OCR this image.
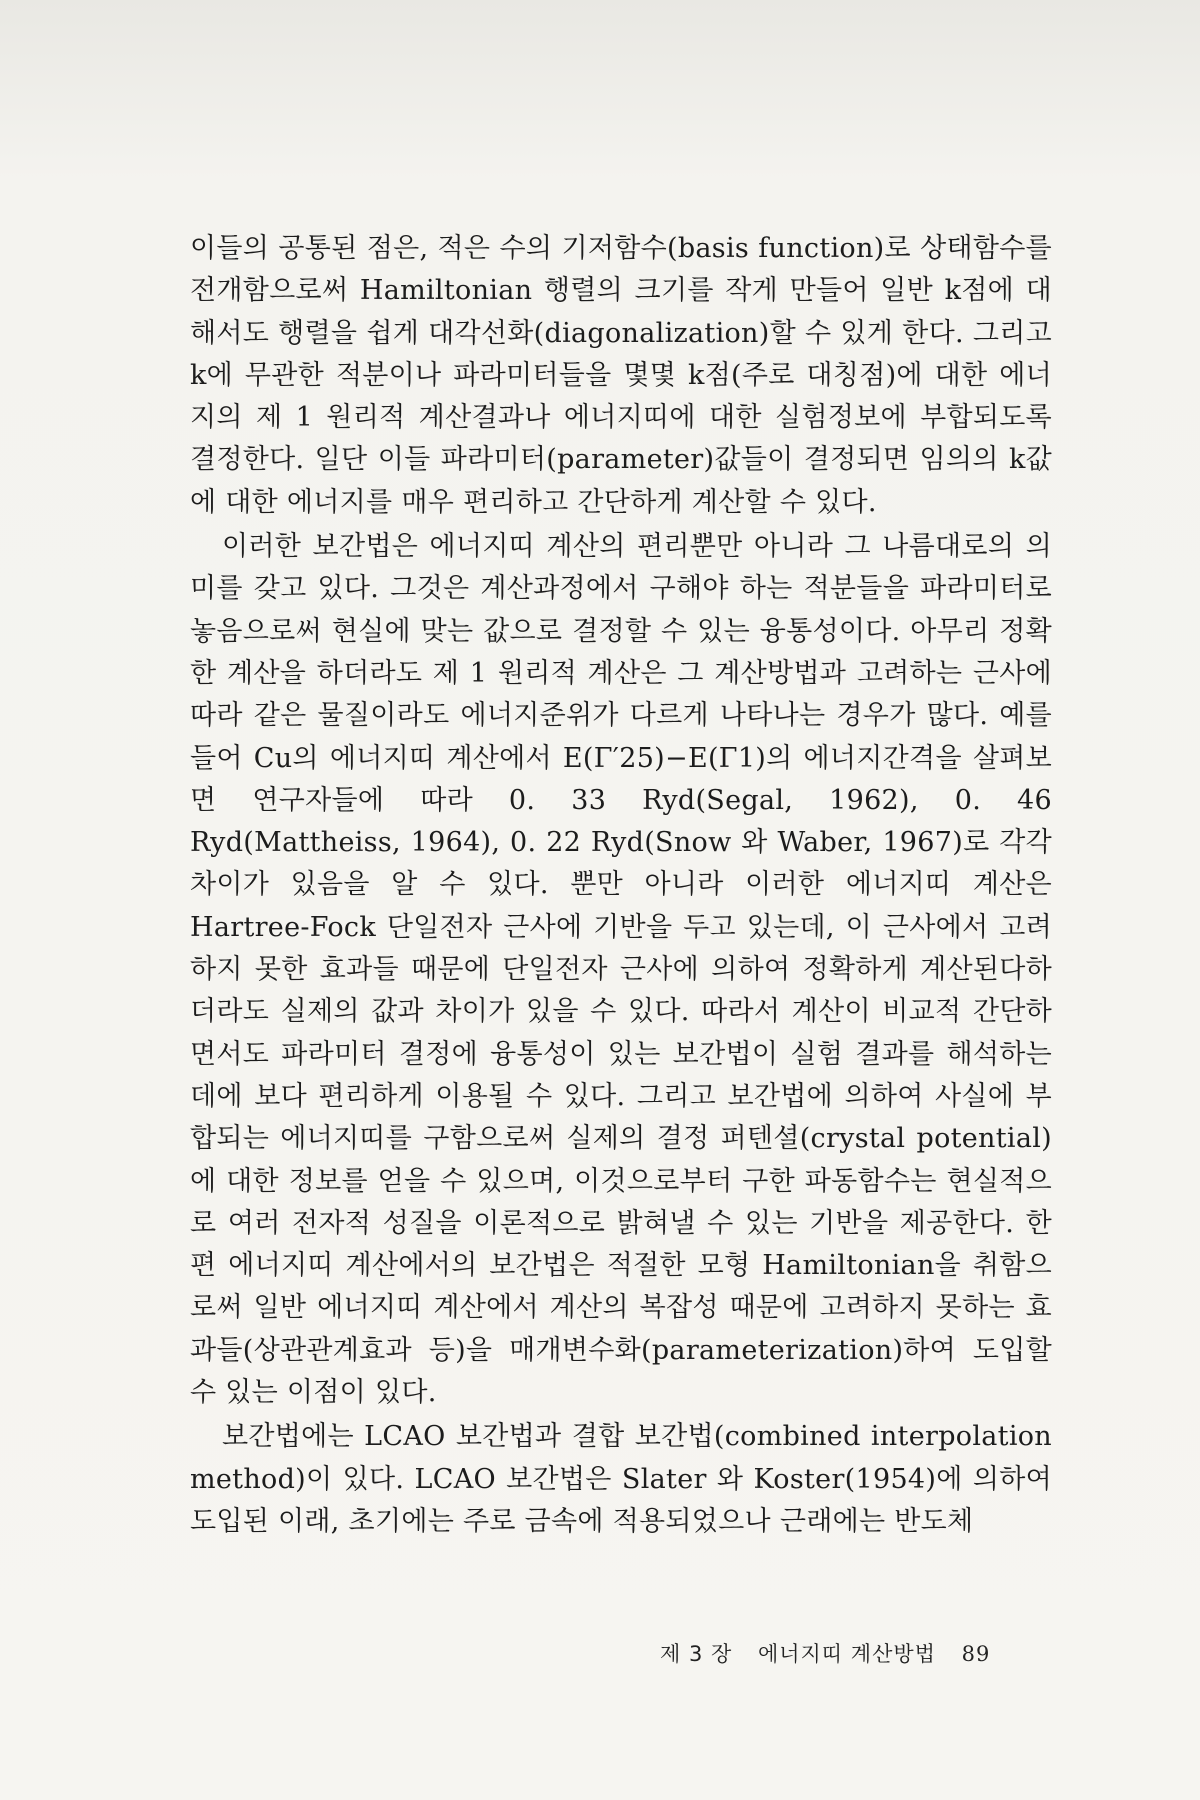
이들의 공통된 점은, 적은 수의 기저함수(basis function)로 상태함수를 전개함으로써 Hamiltonian 행렬의 크기를 작게 만들어 일반 k점에 대해서도 행렬을 쉽게 대각선화(diagonalization)할 수 있게 한다. 그리고 k에 무관한 적분이나 파라미터들을 몇몇 k점(주로 대칭점)에 대한 에너지의 제 1 원리적 계산결과나 에너지띠에 대한 실험정보에 부합되도록 결정한다. 일단 이들 파라미터(parameter)값들이 결정되면 임의의 k값에 대한 에너지를 매우 편리하고 간단하게 계산할 수 있다.

이러한 보간법은 에너지띠 계산의 편리뿐만 아니라 그 나름대로의 의미를 갖고 있다. 그것은 계산과정에서 구해야 하는 적분들을 파라미터로 놓음으로써 현실에 맞는 값으로 결정할 수 있는 융통성이다. 아무리 정확한 계산을 하더라도 제 1 원리적 계산은 그 계산방법과 고려하는 근사에 따라 같은 물질이라도 에너지준위가 다르게 나타나는 경우가 많다. 예를 들어 Cu의 에너지띠 계산에서 E(Γ′25)−E(Γ1)의 에너지간격을 살펴보면 연구자들에 따라 0. 33 Ryd(Segal, 1962), 0. 46 Ryd(Mattheiss, 1964), 0. 22 Ryd(Snow 와 Waber, 1967)로 각각 차이가 있음을 알 수 있다. 뿐만 아니라 이러한 에너지띠 계산은 Hartree-Fock 단일전자 근사에 기반을 두고 있는데, 이 근사에서 고려하지 못한 효과들 때문에 단일전자 근사에 의하여 정확하게 계산된다하더라도 실제의 값과 차이가 있을 수 있다. 따라서 계산이 비교적 간단하면서도 파라미터 결정에 융통성이 있는 보간법이 실험 결과를 해석하는 데에 보다 편리하게 이용될 수 있다. 그리고 보간법에 의하여 사실에 부합되는 에너지띠를 구함으로써 실제의 결정 퍼텐셜(crystal potential)에 대한 정보를 얻을 수 있으며, 이것으로부터 구한 파동함수는 현실적으로 여러 전자적 성질을 이론적으로 밝혀낼 수 있는 기반을 제공한다. 한편 에너지띠 계산에서의 보간법은 적절한 모형 Hamiltonian을 취함으로써 일반 에너지띠 계산에서 계산의 복잡성 때문에 고려하지 못하는 효과들(상관관계효과 등)을 매개변수화(parameterization)하여 도입할 수 있는 이점이 있다.

보간법에는 LCAO 보간법과 결합 보간법(combined interpolation method)이 있다. LCAO 보간법은 Slater 와 Koster(1954)에 의하여 도입된 이래, 초기에는 주로 금속에 적용되었으나 근래에는 반도체

제 3 장 에너지띠 계산방법 89
